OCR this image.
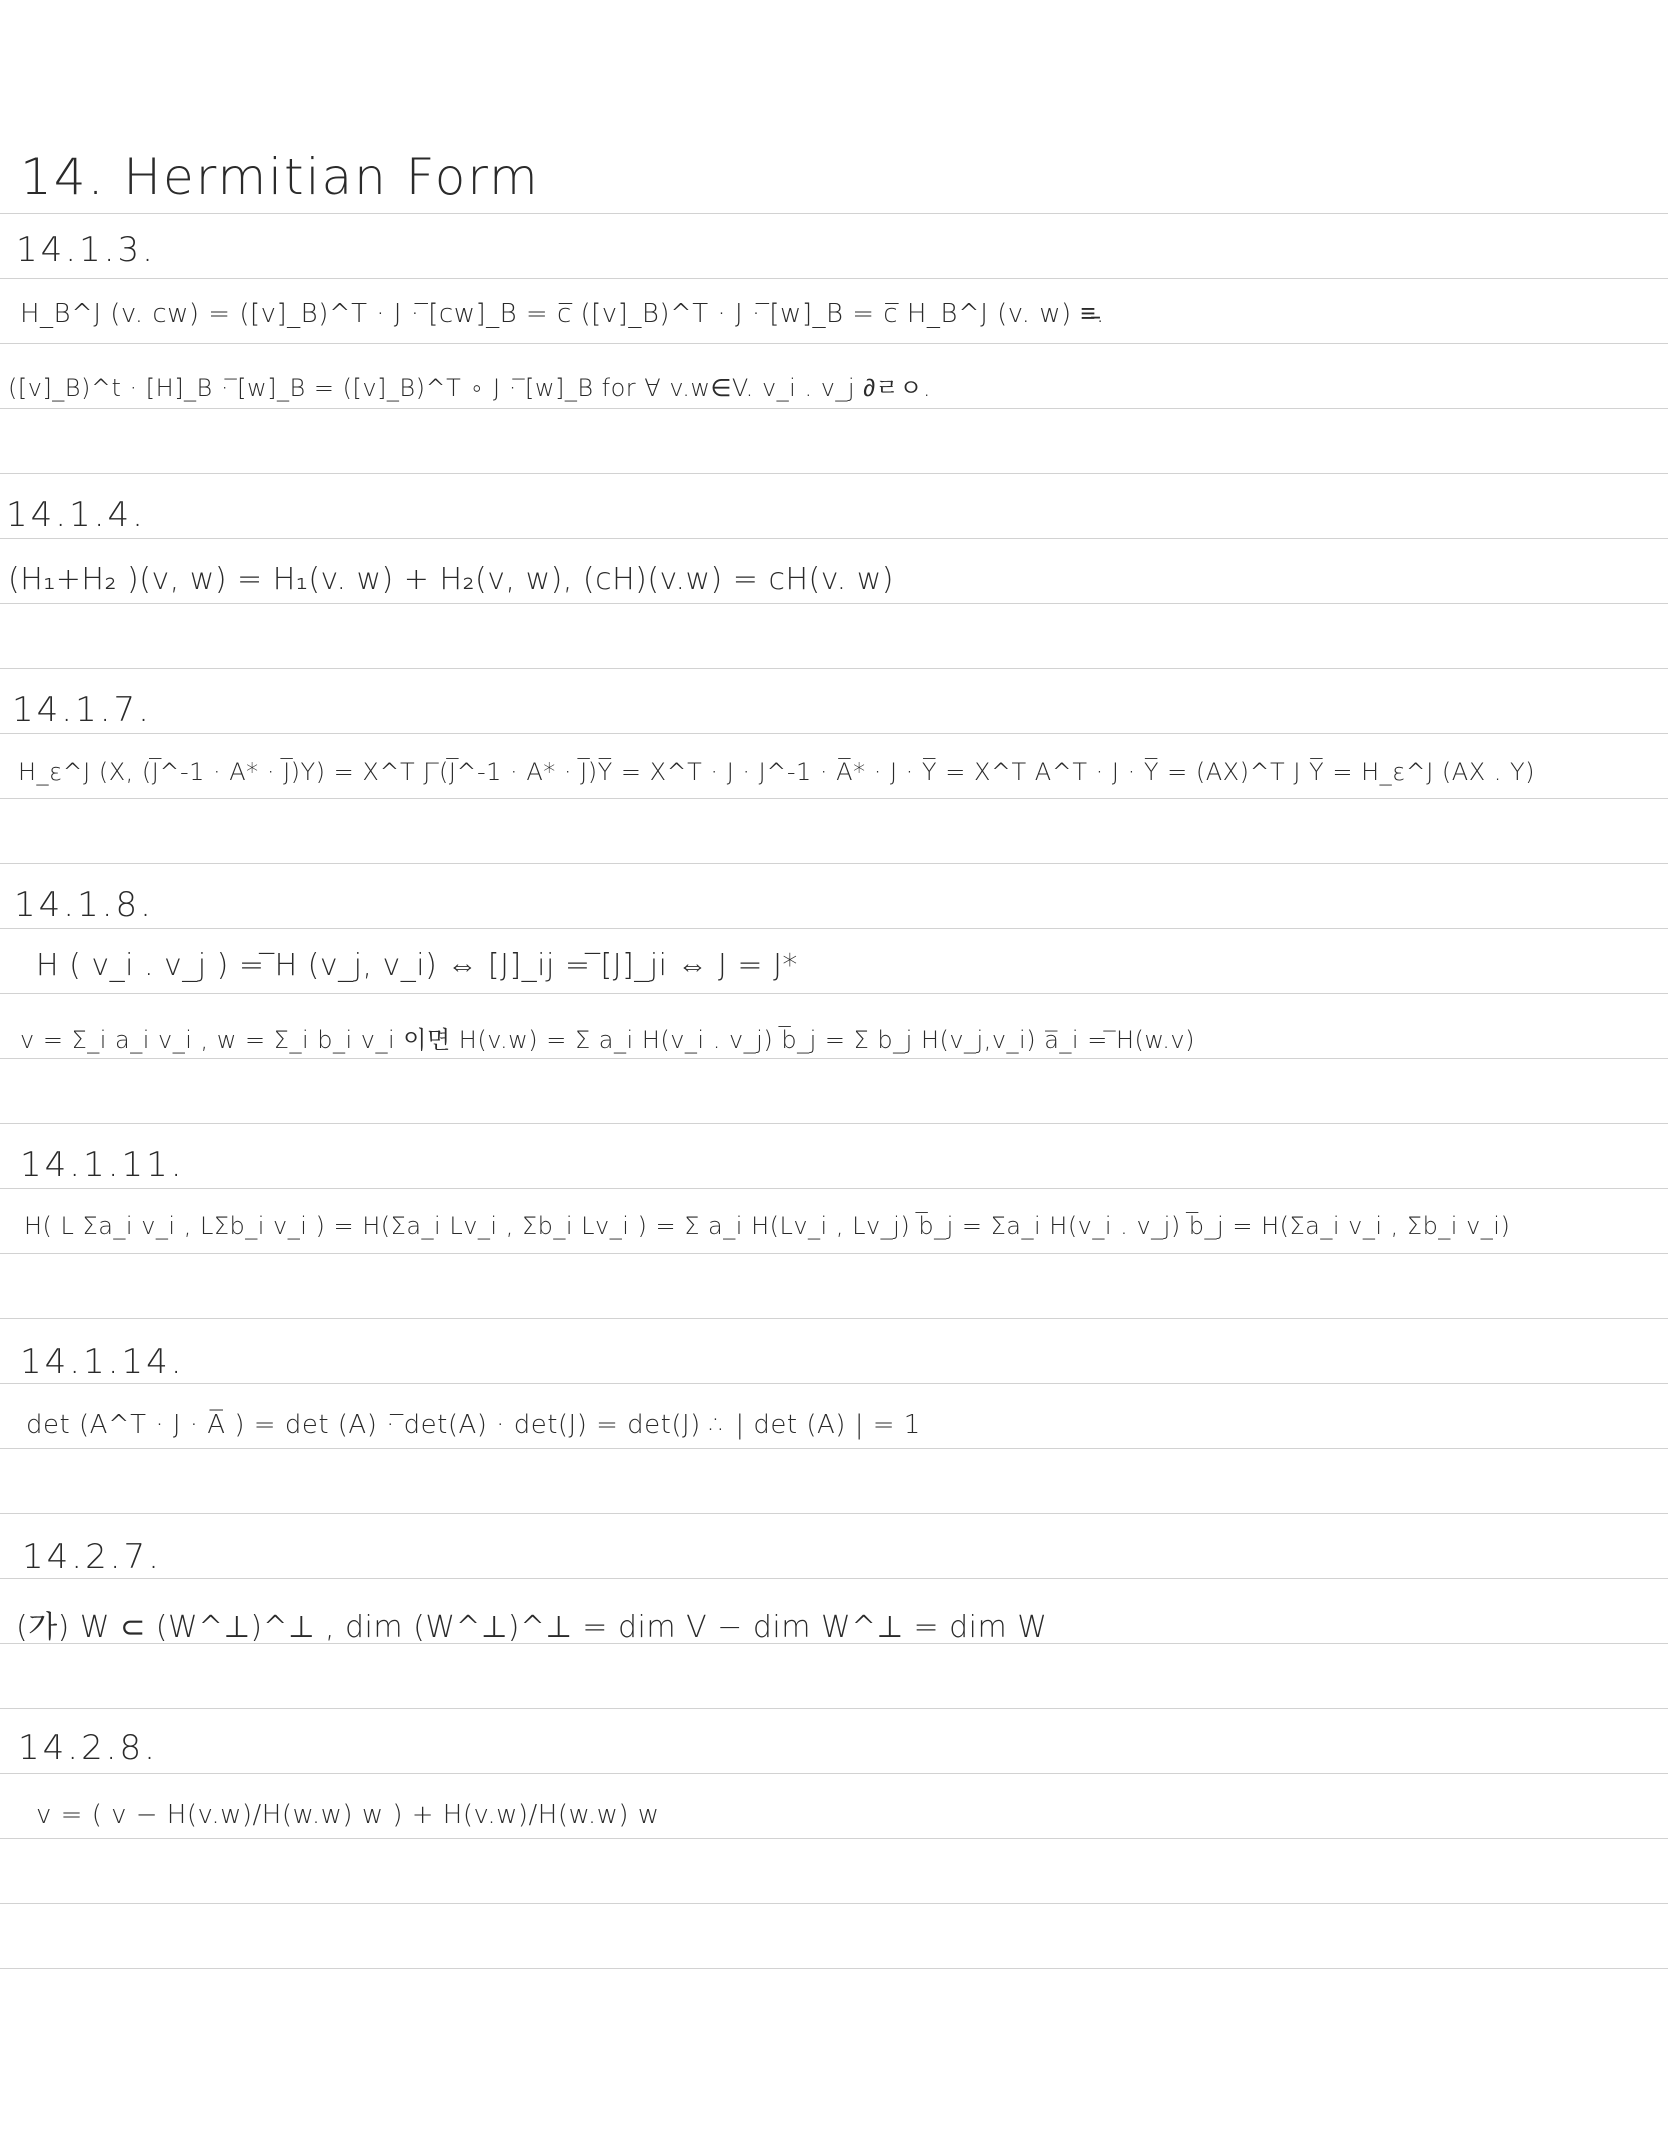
14. Hermitian Form
14.1.3.
H_B^J (v. cw) = ([v]_B)^T · J · ̅[cw]_B = c̅ ([v]_B)^T · J · ̅[w]_B = c̅ H_B^J (v. w) ≡̵.
([v]_B)^t · [H]_B · ̅[w]_B = ([v]_B)^T ∘ J · ̅[w]_B for ∀ v.w∈V. v_i . v_j ∂ㄹㅇ.
14.1.4.
(H₁+H₂ )(v, w) = H₁(v. w) + H₂(v, w), (cH)(v.w) = cH(v. w)
14.1.7.
H_ε^J (X, (J̅^-1 · A* · J̅)Y) = X^T J ̅(J̅^-1 · A* · J̅)Y̅ = X^T · J · J^-1 · A̅* · J · Y̅ = X^T A^T · J · Y̅ = (AX)^T J Y̅ = H_ε^J (AX . Y)
14.1.8.
H ( v_i . v_j ) = ̅H (v_j, v_i) ⇔ [J]_ij = ̅[J]_ji ⇔ J = J*
v = Σ_i a_i v_i , w = Σ_i b_i v_i 이면 H(v.w) = Σ a_i H(v_i . v_j) b̅_j = Σ b_j H(v_j,v_i) a̅_i = ̅H(w.v)
14.1.11.
H( L Σa_i v_i , LΣb_i v_i ) = H(Σa_i Lv_i , Σb_i Lv_i ) = Σ a_i H(Lv_i , Lv_j) b̅_j = Σa_i H(v_i . v_j) b̅_j = H(Σa_i v_i , Σb_i v_i)
14.1.14.
det (A^T · J · A̅ ) = det (A) · ̅det(A) · det(J) = det(J) ∴ | det (A) | = 1
14.2.7.
(가) W ⊂ (W^⊥)^⊥ , dim (W^⊥)^⊥ = dim V − dim W^⊥ = dim W
14.2.8.
v = ( v − H(v.w)/H(w.w) w ) + H(v.w)/H(w.w) w
